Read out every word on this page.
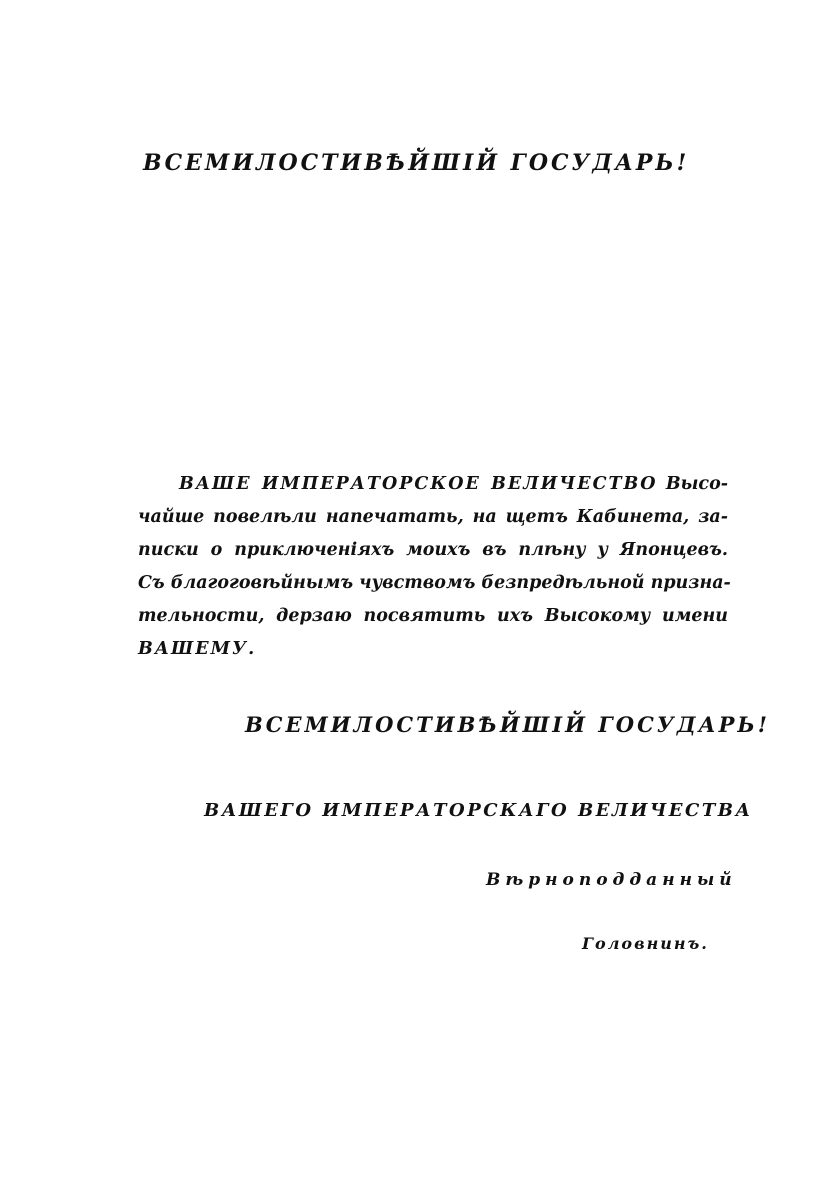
ВСЕМИЛОСТИВѢЙШІЙ ГОСУДАРЬ!
ВАШЕ ИМПЕРАТОРСКОЕ ВЕЛИЧЕСТВО Высо-
чайше повелѣли напечатать, на щетъ Кабинета, за-
писки о приключеніяхъ моихъ въ плѣну у Японцевъ.
Съ благоговѣйнымъ чувствомъ безпредѣльной призна-
тельности, дерзаю посвятить ихъ Высокому имени
ВАШЕМУ.
ВСЕМИЛОСТИВѢЙШІЙ ГОСУДАРЬ!
ВАШЕГО ИМПЕРАТОРСКАГО ВЕЛИЧЕСТВА
Вѣрноподданный
Головнинъ.
